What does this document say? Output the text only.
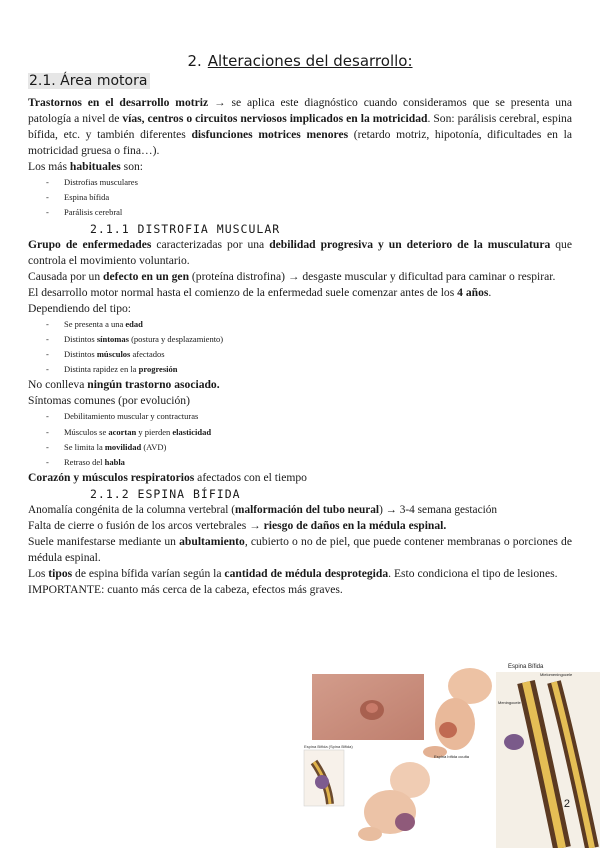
2. Alteraciones del desarrollo:
2.1. Área motora

Trastornos en el desarrollo motriz → se aplica este diagnóstico cuando consideramos que se presenta una patología a nivel de vías, centros o circuitos nerviosos implicados en la motricidad. Son: parálisis cerebral, espina bífida, etc. y también diferentes disfunciones motrices menores (retardo motriz, hipotonía, dificultades en la motricidad gruesa o fina…).

Los más habituales son:

- Distrofias musculares
- Espina bífida
- Parálisis cerebral
2.1.1 DISTROFIA MUSCULAR

Grupo de enfermedades caracterizadas por una debilidad progresiva y un deterioro de la musculatura que controla el movimiento voluntario.

Causada por un defecto en un gen (proteína distrofina) → desgaste muscular y dificultad para caminar o respirar.

El desarrollo motor normal hasta el comienzo de la enfermedad suele comenzar antes de los 4 años.

Dependiendo del tipo:

- Se presenta a una edad
- Distintos síntomas (postura y desplazamiento)
- Distintos músculos afectados
- Distinta rapidez en la progresión

No conlleva ningún trastorno asociado.

Síntomas comunes (por evolución)

- Debilitamiento muscular y contracturas
- Músculos se acortan y pierden elasticidad
- Se limita la movilidad (AVD)
- Retraso del habla

Corazón y músculos respiratorios afectados con el tiempo

2.1.2 ESPINA BÍFIDA

Anomalía congénita de la columna vertebral (malformación del tubo neural) → 3-4 semana gestación

Falta de cierre o fusión de los arcos vertebrales → riesgo de daños en la médula espinal.

Suele manifestarse mediante un abultamiento, cubierto o no de piel, que puede contener membranas o porciones de médula espinal.

Los tipos de espina bífida varían según la cantidad de médula desprotegida. Esto condiciona el tipo de lesiones.

IMPORTANTE: cuanto más cerca de la cabeza, efectos más graves.

Espina Bífida (Spina Bifida)
Espina Bífida
Mielomeningocele
Meningocele
Espina bífida oculta
2
